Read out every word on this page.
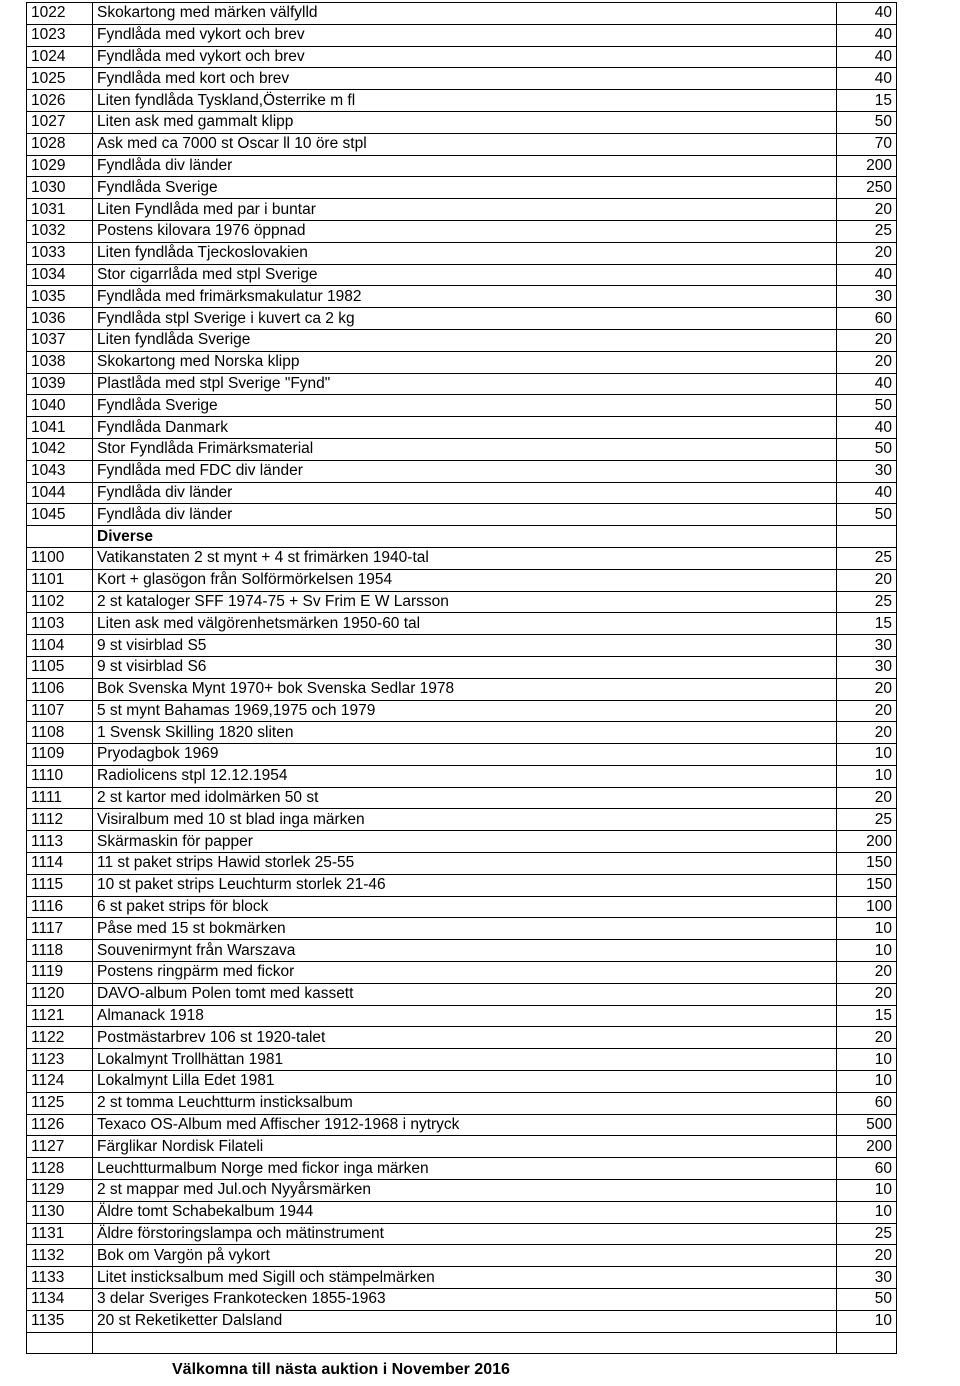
1022	Skokartong med märken välfylld	40
1023	Fyndlåda med vykort och brev	40
1024	Fyndlåda med vykort och brev	40
1025	Fyndlåda med kort och brev	40
1026	Liten fyndlåda Tyskland,Österrike m fl	15
1027	Liten ask med gammalt klipp	50
1028	Ask med ca 7000 st Oscar ll 10 öre stpl	70
1029	Fyndlåda div länder	200
1030	Fyndlåda Sverige	250
1031	Liten Fyndlåda med par i buntar	20
1032	Postens kilovara 1976 öppnad	25
1033	Liten fyndlåda Tjeckoslovakien	20
1034	Stor cigarrlåda med stpl Sverige	40
1035	Fyndlåda med frimärksmakulatur 1982	30
1036	Fyndlåda stpl Sverige i kuvert ca 2 kg	60
1037	Liten fyndlåda Sverige	20
1038	Skokartong med Norska klipp	20
1039	Plastlåda med stpl Sverige "Fynd"	40
1040	Fyndlåda Sverige	50
1041	Fyndlåda Danmark	40
1042	Stor Fyndlåda Frimärksmaterial	50
1043	Fyndlåda med FDC div länder	30
1044	Fyndlåda div länder	40
1045	Fyndlåda div länder	50
	Diverse	
1100	Vatikanstaten 2 st mynt + 4 st frimärken 1940-tal	25
1101	Kort + glasögon från Solförmörkelsen 1954	20
1102	2 st kataloger SFF 1974-75 + Sv Frim E W Larsson	25
1103	Liten ask med välgörenhetsmärken 1950-60 tal	15
1104	9 st visirblad S5	30
1105	9 st visirblad S6	30
1106	Bok Svenska Mynt 1970+ bok Svenska Sedlar 1978	20
1107	5 st mynt Bahamas 1969,1975 och 1979	20
1108	1 Svensk Skilling 1820 sliten	20
1109	Pryodagbok 1969	10
1110	Radiolicens stpl 12.12.1954	10
1111	2 st kartor med idolmärken 50 st	20
1112	Visiralbum med 10 st blad inga märken	25
1113	Skärmaskin för papper	200
1114	11 st paket strips Hawid storlek 25-55	150
1115	10 st paket strips Leuchturm storlek 21-46	150
1116	6 st paket strips för block	100
1117	Påse med 15 st bokmärken	10
1118	Souvenirmynt från Warszava	10
1119	Postens ringpärm med fickor	20
1120	DAVO-album Polen tomt med kassett	20
1121	Almanack 1918	15
1122	Postmästarbrev 106 st 1920-talet	20
1123	Lokalmynt Trollhättan 1981	10
1124	Lokalmynt Lilla Edet 1981	10
1125	2 st tomma Leuchtturm insticksalbum	60
1126	Texaco OS-Album med Affischer 1912-1968 i nytryck	500
1127	Färglikar Nordisk Filateli	200
1128	Leuchtturmalbum Norge med fickor inga märken	60
1129	2 st mappar med Jul.och Nyyårsmärken	10
1130	Äldre tomt Schabekalbum 1944	10
1131	Äldre förstoringslampa och mätinstrument	25
1132	Bok om Vargön på vykort	20
1133	Litet insticksalbum med Sigill och stämpelmärken	30
1134	3 delar Sveriges Frankotecken 1855-1963	50
1135	20 st Reketiketter Dalsland	10

Välkomna till nästa auktion i November 2016
